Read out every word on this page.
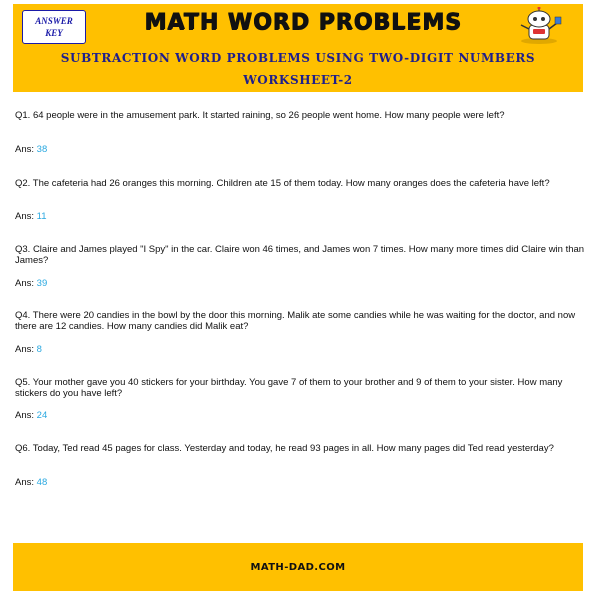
ANSWER KEY	MATH WORD PROBLEMS
SUBTRACTION WORD PROBLEMS USING TWO-DIGIT NUMBERS
WORKSHEET-2
Q1. 64 people were in the amusement park. It started raining, so 26 people went home. How many people were left?
Ans: 38
Q2. The cafeteria had 26 oranges this morning. Children ate 15 of them today. How many oranges does the cafeteria have left?
Ans: 11
Q3. Claire and James played "I Spy" in the car. Claire won 46 times, and James won 7 times. How many more times did Claire win than James?
Ans: 39
Q4. There were 20 candies in the bowl by the door this morning. Malik ate some candies while he was waiting for the doctor, and now there are 12 candies. How many candies did Malik eat?
Ans: 8
Q5. Your mother gave you 40 stickers for your birthday. You gave 7 of them to your brother and 9 of them to your sister. How many stickers do you have left?
Ans: 24
Q6. Today, Ted read 45 pages for class. Yesterday and today, he read 93 pages in all. How many pages did Ted read yesterday?
Ans: 48
MATH-DAD.COM
